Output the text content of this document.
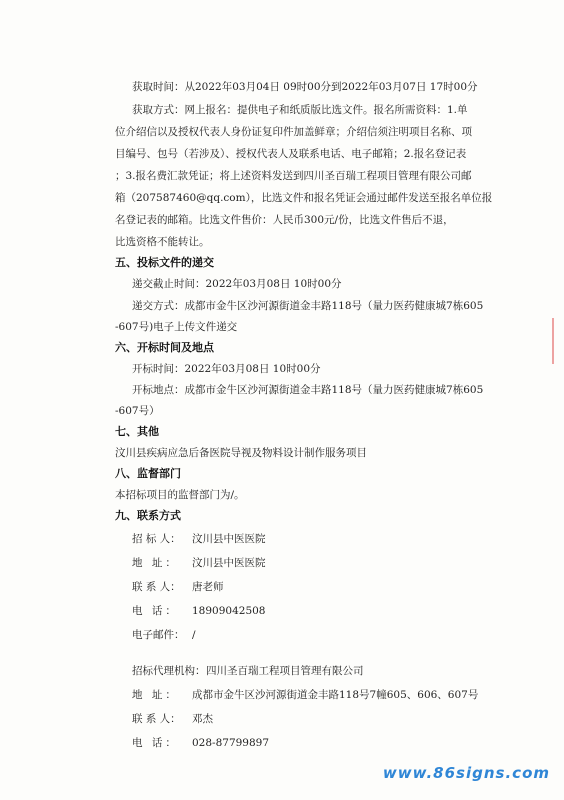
获取时间：从2022年03月04日 09时00分到2022年03月07日 17时00分
获取方式：网上报名：提供电子和纸质版比选文件。报名所需资料：1.单
位介绍信以及授权代表人身份证复印件加盖鲜章；介绍信须注明项目名称、项
目编号、包号（若涉及）、授权代表人及联系电话、电子邮箱；2.报名登记表
；3.报名费汇款凭证；将上述资料发送到四川圣百瑞工程项目管理有限公司邮
箱（207587460@qq.com），比选文件和报名凭证会通过邮件发送至报名单位报
名登记表的邮箱。比选文件售价：人民币300元/份，比选文件售后不退，
比选资格不能转让。
五、投标文件的递交
递交截止时间：2022年03月08日 10时00分
递交方式：成都市金牛区沙河源街道金丰路118号（量力医药健康城7栋605
-607号)电子上传文件递交
六、开标时间及地点
开标时间：2022年03月08日 10时00分
开标地点：成都市金牛区沙河源街道金丰路118号（量力医药健康城7栋605
-607号）
七、其他
汶川县疾病应急后备医院导视及物料设计制作服务项目
八、监督部门
本招标项目的监督部门为/。
九、联系方式
招 标 人： 汶川县中医医院
地 址： 汶川县中医医院
联 系 人： 唐老师
电 话： 18909042508
电子邮件： /
招标代理机构： 四川圣百瑞工程项目管理有限公司
地 址： 成都市金牛区沙河源街道金丰路118号7幢605、606、607号
联 系 人： 邓杰
电 话： 028-87799897
www.86signs.com
